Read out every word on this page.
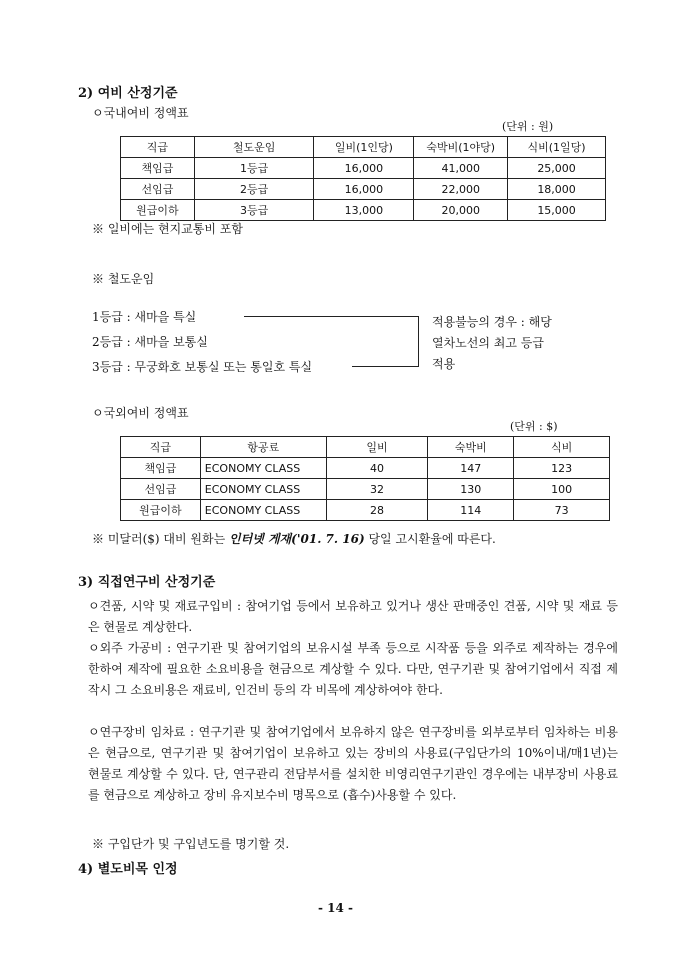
2) 여비 산정기준
ㅇ국내여비 정액표
(단위 : 원)
직급	철도운임	일비(1인당)	숙박비(1야당)	식비(1일당)
책임급	1등급	16,000	41,000	25,000
선임급	2등급	16,000	22,000	18,000
원급이하	3등급	13,000	20,000	15,000
※ 일비에는 현지교통비 포함
※ 철도운임
1등급 : 새마을 특실
2등급 : 새마을 보통실
3등급 : 무궁화호 보통실 또는 통일호 특실
적용불능의 경우 : 해당
열차노선의 최고 등급
적용
ㅇ국외여비 정액표
(단위 : $)
직급	항공료	일비	숙박비	식비
책임급	ECONOMY CLASS	40	147	123
선임급	ECONOMY CLASS	32	130	100
원급이하	ECONOMY CLASS	28	114	73
※ 미달러($) 대비 원화는 인터넷 게재('01. 7. 16) 당일 고시환율에 따른다.
3) 직접연구비 산정기준
ㅇ견품, 시약 및 재료구입비 : 참여기업 등에서 보유하고 있거나 생산 판매중인 견품, 시약 및 재료 등은 현물로 계상한다.
ㅇ외주 가공비 : 연구기관 및 참여기업의 보유시설 부족 등으로 시작품 등을 외주로 제작하는 경우에 한하여 제작에 필요한 소요비용을 현금으로 계상할 수 있다. 다만, 연구기관 및 참여기업에서 직접 제작시 그 소요비용은 재료비, 인건비 등의 각 비목에 계상하여야 한다.
ㅇ연구장비 임차료 : 연구기관 및 참여기업에서 보유하지 않은 연구장비를 외부로부터 임차하는 비용은 현금으로, 연구기관 및 참여기업이 보유하고 있는 장비의 사용료(구입단가의 10%이내/매1년)는 현물로 계상할 수 있다. 단, 연구관리 전담부서를 설치한 비영리연구기관인 경우에는 내부장비 사용료를 현금으로 계상하고 장비 유지보수비 명목으로 (흡수)사용할 수 있다.
※ 구입단가 및 구입년도를 명기할 것.
4) 별도비목 인정
- 14 -
